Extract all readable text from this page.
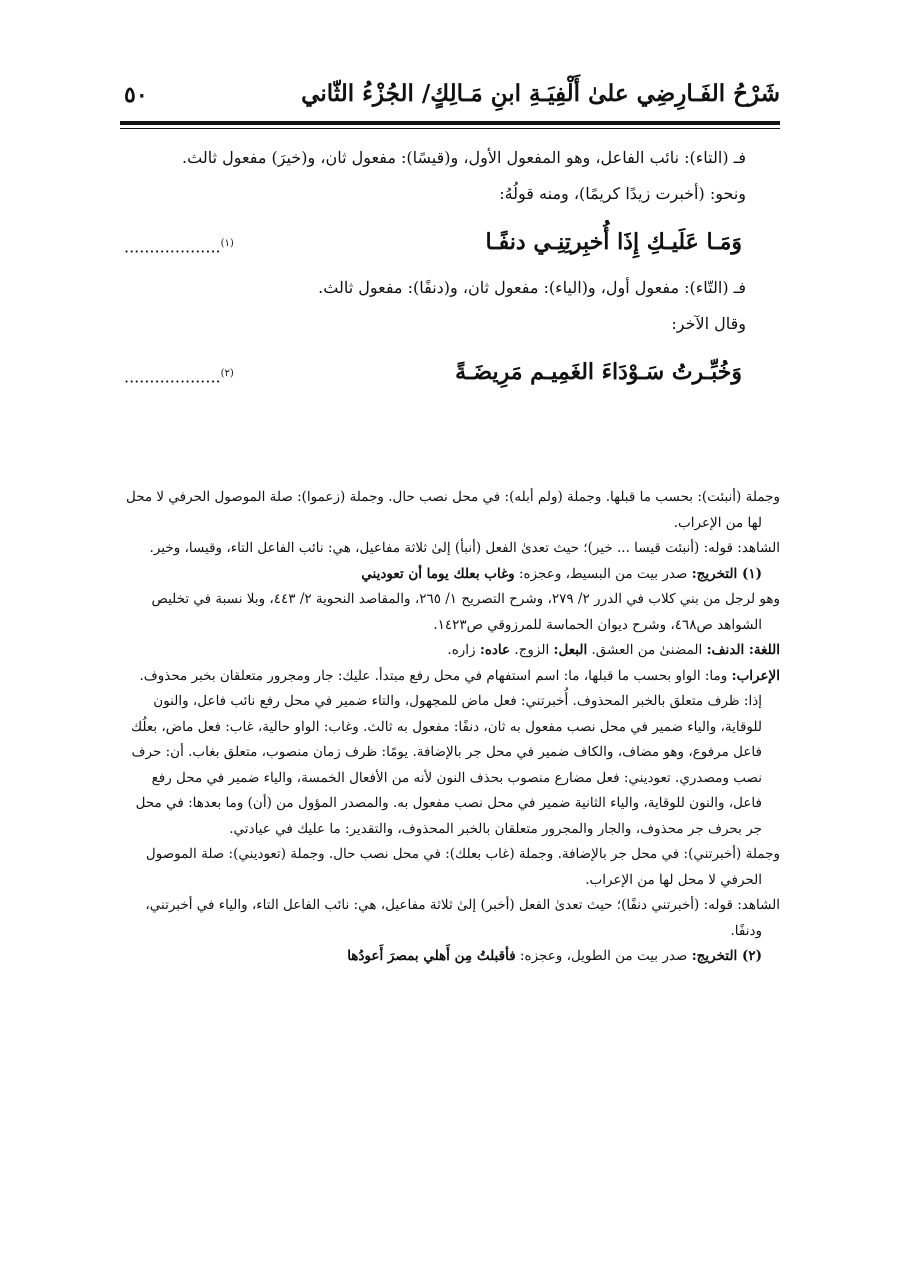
شَرْحُ الفَـارِضِي علىٰ أَلْفِيَـةِ ابنِ مَـالِكٍ/ الجُزْءُ الثّاني
٥٠

فـ (التاء): نائب الفاعل، وهو المفعول الأول، و(قيسًا): مفعول ثان، و(خيرَ) مفعول ثالث.

ونحو: (أخبرت زيدًا كريمًا)، ومنه قولُهُ:

وَمَـا عَلَيـكِ إِذَا أُخبِرتِنِـي دنفًـا
...................$^{(١)}$

فـ (التّاء): مفعول أول، و(الياء): مفعول ثان، و(دنفًا): مفعول ثالث.

وقال الآخر:

وَخُبِّـرتُ سَـوْدَاءَ الغَمِيـم مَرِيضَـةً
...................$^{(٢)}$

وجملة (أنبئت): بحسب ما قبلها. وجملة (ولم أبله): في محل نصب حال. وجملة (زعموا): صلة الموصول الحرفي لا محل لها من الإعراب.

الشاهد: قوله: (أنبئت قيسا ... خير)؛ حيث تعدىٰ الفعل (أنبأ) إلىٰ ثلاثة مفاعيل، هي: نائب الفاعل التاء، وقيسا، وخير.

(١) التخريج: صدر بيت من البسيط، وعجزه: وغاب بعلك يوما أن تعوديني

وهو لرجل من بني كلاب في الدرر ٢/ ٢٧٩، وشرح التصريح ١/ ٢٦٥، والمقاصد النحوية ٢/ ٤٤٣، وبلا نسبة في تخليص الشواهد ص٤٦٨، وشرح ديوان الحماسة للمرزوقي ص١٤٢٣.

اللغة: الدنف: المضنىٰ من العشق. البعل: الزوج. عاده: زاره.

الإعراب: وما: الواو بحسب ما قبلها، ما: اسم استفهام في محل رفع مبتدأ. عليك: جار ومجرور متعلقان بخبر محذوف. إذا: ظرف متعلق بالخبر المحذوف. أُخبرتني: فعل ماض للمجهول، والتاء ضمير في محل رفع نائب فاعل، والنون للوقاية، والياء ضمير في محل نصب مفعول به ثان، دنفًا: مفعول به ثالث. وغاب: الواو حالية، غاب: فعل ماض، بعلُك فاعل مرفوع، وهو مضاف، والكاف ضمير في محل جر بالإضافة. يومًا: ظرف زمان منصوب، متعلق بغاب. أن: حرف نصب ومصدري. تعوديني: فعل مضارع منصوب بحذف النون لأنه من الأفعال الخمسة، والياء ضمير في محل رفع فاعل، والنون للوقاية، والياء الثانية ضمير في محل نصب مفعول به. والمصدر المؤول من (أن) وما بعدها: في محل جر بحرف جر محذوف، والجار والمجرور متعلقان بالخبر المحذوف، والتقدير: ما عليك في عيادتي.

وجملة (أخبرتني): في محل جر بالإضافة. وجملة (غاب بعلك): في محل نصب حال. وجملة (تعوديني): صلة الموصول الحرفي لا محل لها من الإعراب.

الشاهد: قوله: (أخبرتني دنفًا)؛ حيث تعدىٰ الفعل (أخبر) إلىٰ ثلاثة مفاعيل، هي: نائب الفاعل التاء، والياء في أخبرتني، ودنفًا.

(٢) التخريج: صدر بيت من الطويل، وعجزه: فأقبلتُ مِن أَهلي بمصرَ أَعودُها
